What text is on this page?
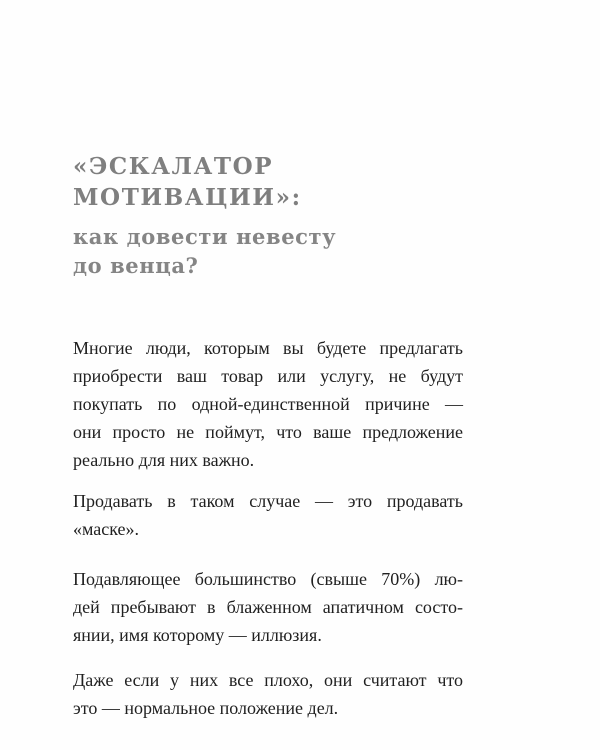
«ЭСКАЛАТОР
МОТИВАЦИИ»:
как довести невесту
до венца?

Многие люди, которым вы будете предлагать
приобрести ваш товар или услугу, не будут
покупать по одной-единственной причине —
они просто не поймут, что ваше предложение
реально для них важно.

Продавать в таком случае — это продавать
«маске».

Подавляющее большинство (свыше 70%) лю-
дей пребывают в блаженном апатичном состо-
янии, имя которому — иллюзия.

Даже если у них все плохо, они считают что
это — нормальное положение дел.
